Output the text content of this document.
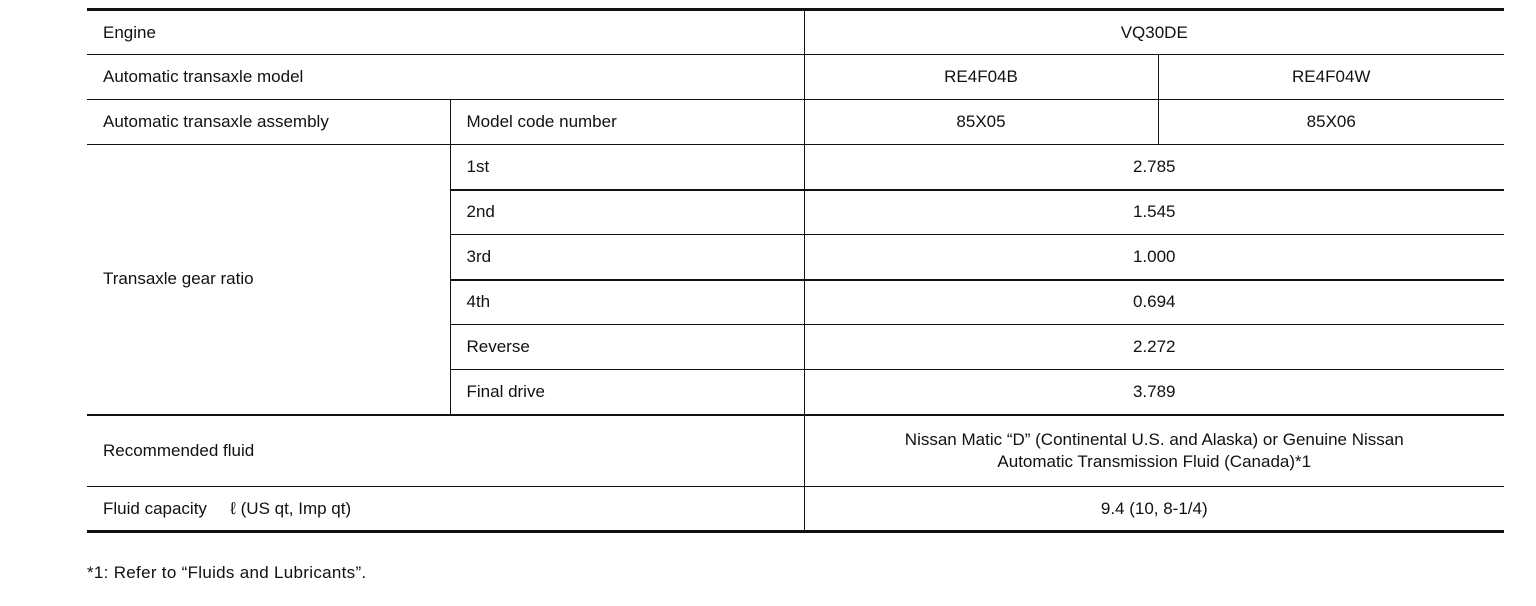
Engine		VQ30DE	
Automatic transaxle model		RE4F04B	RE4F04W
Automatic transaxle assembly	Model code number	85X05	85X06
Transaxle gear ratio	1st	2.785	
	2nd	1.545	
	3rd	1.000	
	4th	0.694	
	Reverse	2.272	
	Final drive	3.789	
Recommended fluid		Nissan Matic “D” (Continental U.S. and Alaska) or Genuine Nissan
Automatic Transmission Fluid (Canada)*1	
Fluid capacity ℓ (US qt, Imp qt)		9.4 (10, 8-1/4)	
*1: Refer to “Fluids and Lubricants”.
